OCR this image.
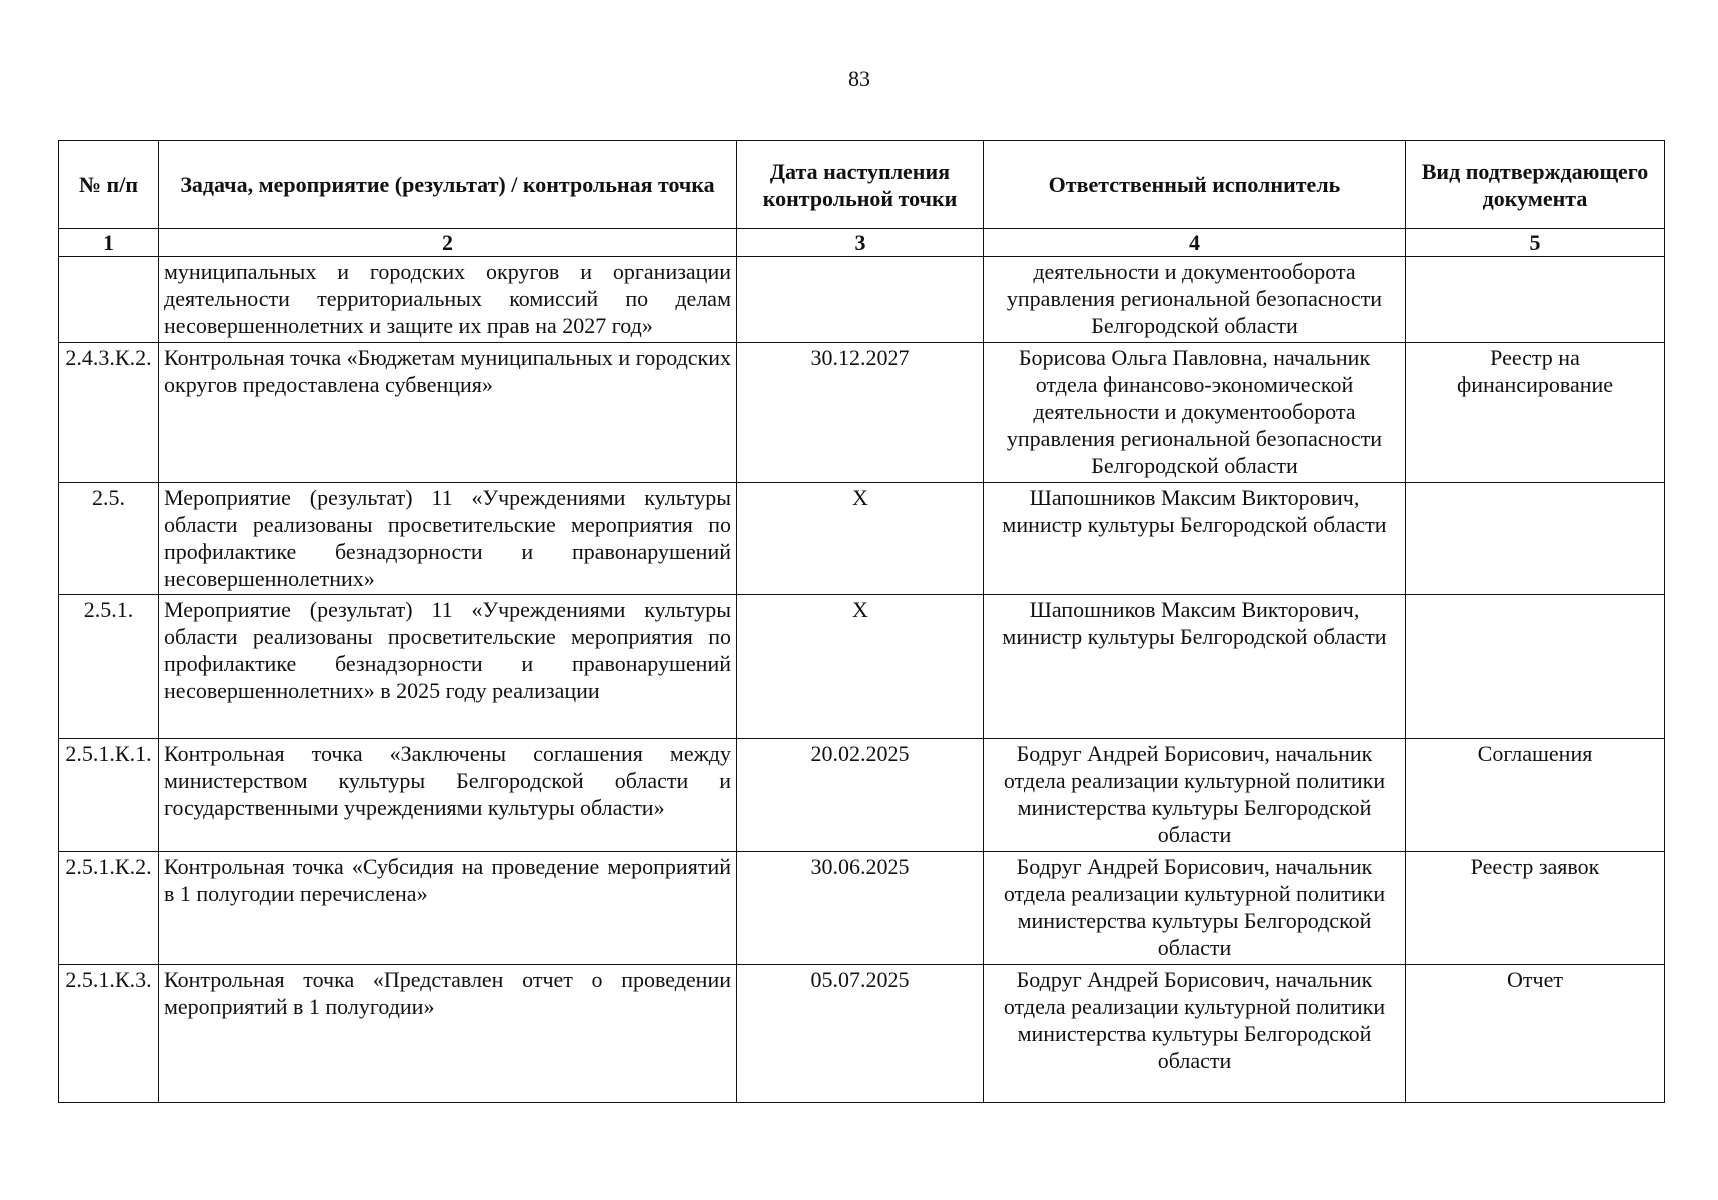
83
№ п/п	Задача, мероприятие (результат) / контрольная точка	Дата наступления контрольной точки	Ответственный исполнитель	Вид подтверждающего документа
1	2	3	4	5
	муниципальных и городских округов и организации деятельности территориальных комиссий по делам несовершеннолетних и защите их прав на 2027 год»		деятельности и документооборота управления региональной безопасности Белгородской области	
2.4.3.К.2.	Контрольная точка «Бюджетам муниципальных и городских округов предоставлена субвенция»	30.12.2027	Борисова Ольга Павловна, начальник отдела финансово-экономической деятельности и документооборота управления региональной безопасности Белгородской области	Реестр на финансирование
2.5.	Мероприятие (результат) 11 «Учреждениями культуры области реализованы просветительские мероприятия по профилактике безнадзорности и правонарушений несовершеннолетних»	X	Шапошников Максим Викторович, министр культуры Белгородской области	
2.5.1.	Мероприятие (результат) 11 «Учреждениями культуры области реализованы просветительские мероприятия по профилактике безнадзорности и правонарушений несовершеннолетних» в 2025 году реализации	X	Шапошников Максим Викторович, министр культуры Белгородской области	
2.5.1.К.1.	Контрольная точка «Заключены соглашения между министерством культуры Белгородской области и государственными учреждениями культуры области»	20.02.2025	Бодруг Андрей Борисович, начальник отдела реализации культурной политики министерства культуры Белгородской области	Соглашения
2.5.1.К.2.	Контрольная точка «Субсидия на проведение мероприятий в 1 полугодии перечислена»	30.06.2025	Бодруг Андрей Борисович, начальник отдела реализации культурной политики министерства культуры Белгородской области	Реестр заявок
2.5.1.К.3.	Контрольная точка «Представлен отчет о проведении мероприятий в 1 полугодии»	05.07.2025	Бодруг Андрей Борисович, начальник отдела реализации культурной политики министерства культуры Белгородской области	Отчет
